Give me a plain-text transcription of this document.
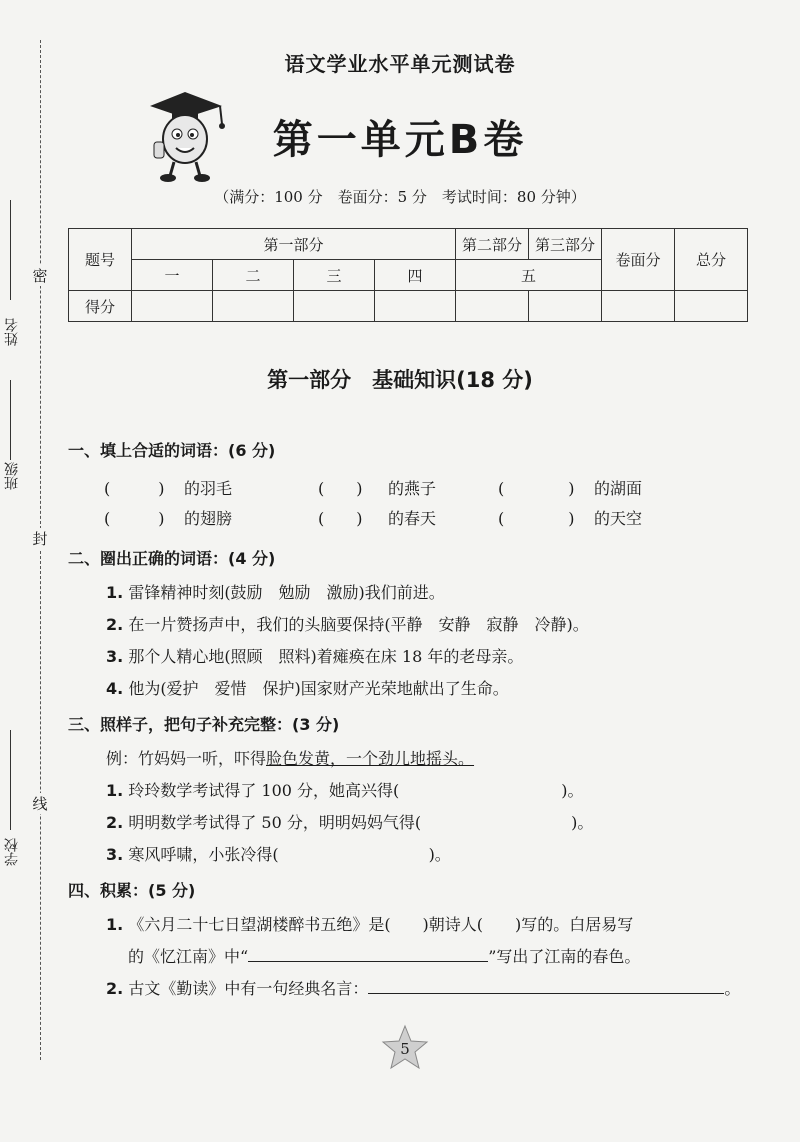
密
封
线
姓名
班级
学校
语文学业水平单元测试卷
第一单元B卷
（满分：100 分　卷面分：5 分　考试时间：80 分钟）
题号	第一部分				第二部分	第三部分	卷面分	总分
	一	二	三	四	五			
得分								
第一部分　基础知识(18 分)
一、填上合适的词语：(6 分)
(　　　) 的羽毛	(　　) 的燕子	(　　　　) 的湖面
(　　　) 的翅膀	(　　) 的春天	(　　　　) 的天空
二、圈出正确的词语：(4 分)
1. 雷锋精神时刻(鼓励　勉励　激励)我们前进。
2. 在一片赞扬声中，我们的头脑要保持(平静　安静　寂静　冷静)。
3. 那个人精心地(照顾　照料)着瘫痪在床 18 年的老母亲。
4. 他为(爱护　爱惜　保护)国家财产光荣地献出了生命。
三、照样子，把句子补充完整：(3 分)
例：竹妈妈一听，吓得脸色发黄，一个劲儿地摇头。
1. 玲玲数学考试得了 100 分，她高兴得(	)。
2. 明明数学考试得了 50 分，明明妈妈气得(	)。
3. 寒风呼啸，小张冷得(	)。
四、积累：(5 分)
1. 《六月二十七日望湖楼醉书五绝》是(　　)朝诗人(　　)写的。白居易写
的《忆江南》中“	”写出了江南的春色。
2. 古文《勤读》中有一句经典名言：	。
5
